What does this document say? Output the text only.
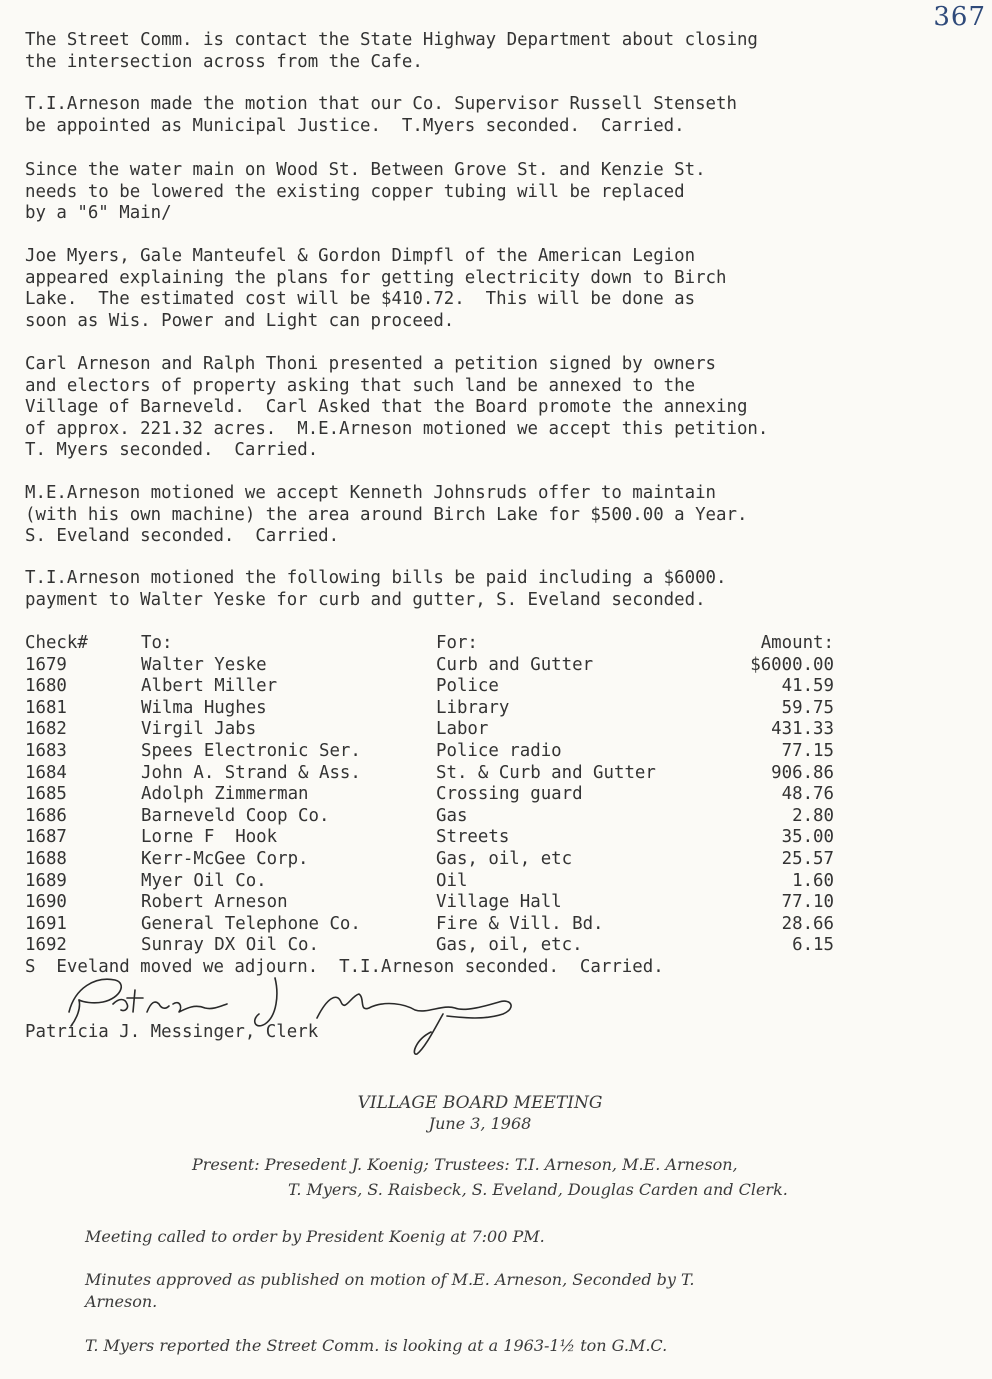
367

The Street Comm. is contact the State Highway Department about closing
the intersection across from the Cafe.

T.I.Arneson made the motion that our Co. Supervisor Russell Stenseth
be appointed as Municipal Justice.  T.Myers seconded.  Carried.

Since the water main on Wood St. Between Grove St. and Kenzie St.
needs to be lowered the existing copper tubing will be replaced
by a "6" Main/

Joe Myers, Gale Manteufel & Gordon Dimpfl of the American Legion
appeared explaining the plans for getting electricity down to Birch
Lake.  The estimated cost will be $410.72.  This will be done as
soon as Wis. Power and Light can proceed.

Carl Arneson and Ralph Thoni presented a petition signed by owners
and electors of property asking that such land be annexed to the
Village of Barneveld.  Carl Asked that the Board promote the annexing
of approx. 221.32 acres.  M.E.Arneson motioned we accept this petition.
T. Myers seconded.  Carried.

M.E.Arneson motioned we accept Kenneth Johnsruds offer to maintain
(with his own machine) the area around Birch Lake for $500.00 a Year.
S. Eveland seconded.  Carried.

T.I.Arneson motioned the following bills be paid including a $6000.
payment to Walter Yeske for curb and gutter, S. Eveland seconded.

Check#	To:	For:	Amount:
1679	Walter Yeske	Curb and Gutter	$6000.00
1680	Albert Miller	Police	41.59
1681	Wilma Hughes	Library	59.75
1682	Virgil Jabs	Labor	431.33
1683	Spees Electronic Ser.	Police radio	77.15
1684	John A. Strand & Ass.	St. & Curb and Gutter	906.86
1685	Adolph Zimmerman	Crossing guard	48.76
1686	Barneveld Coop Co.	Gas	2.80
1687	Lorne F  Hook	Streets	35.00
1688	Kerr-McGee Corp.	Gas, oil, etc	25.57
1689	Myer Oil Co.	Oil	1.60
1690	Robert Arneson	Village Hall	77.10
1691	General Telephone Co.	Fire & Vill. Bd.	28.66
1692	Sunray DX Oil Co.	Gas, oil, etc.	6.15

S  Eveland moved we adjourn.  T.I.Arneson seconded.  Carried.

Patricia J. Messinger, Clerk

VILLAGE BOARD MEETING
June 3, 1968
Present: Presedent J. Koenig; Trustees: T.I. Arneson, M.E. Arneson,
T. Myers, S. Raisbeck, S. Eveland, Douglas Carden and Clerk.
Meeting called to order by President Koenig at 7:00 PM.
Minutes approved as published on motion of M.E. Arneson, Seconded by T.
Arneson.
T. Myers reported the Street Comm. is looking at a 1963-1½ ton G.M.C.
